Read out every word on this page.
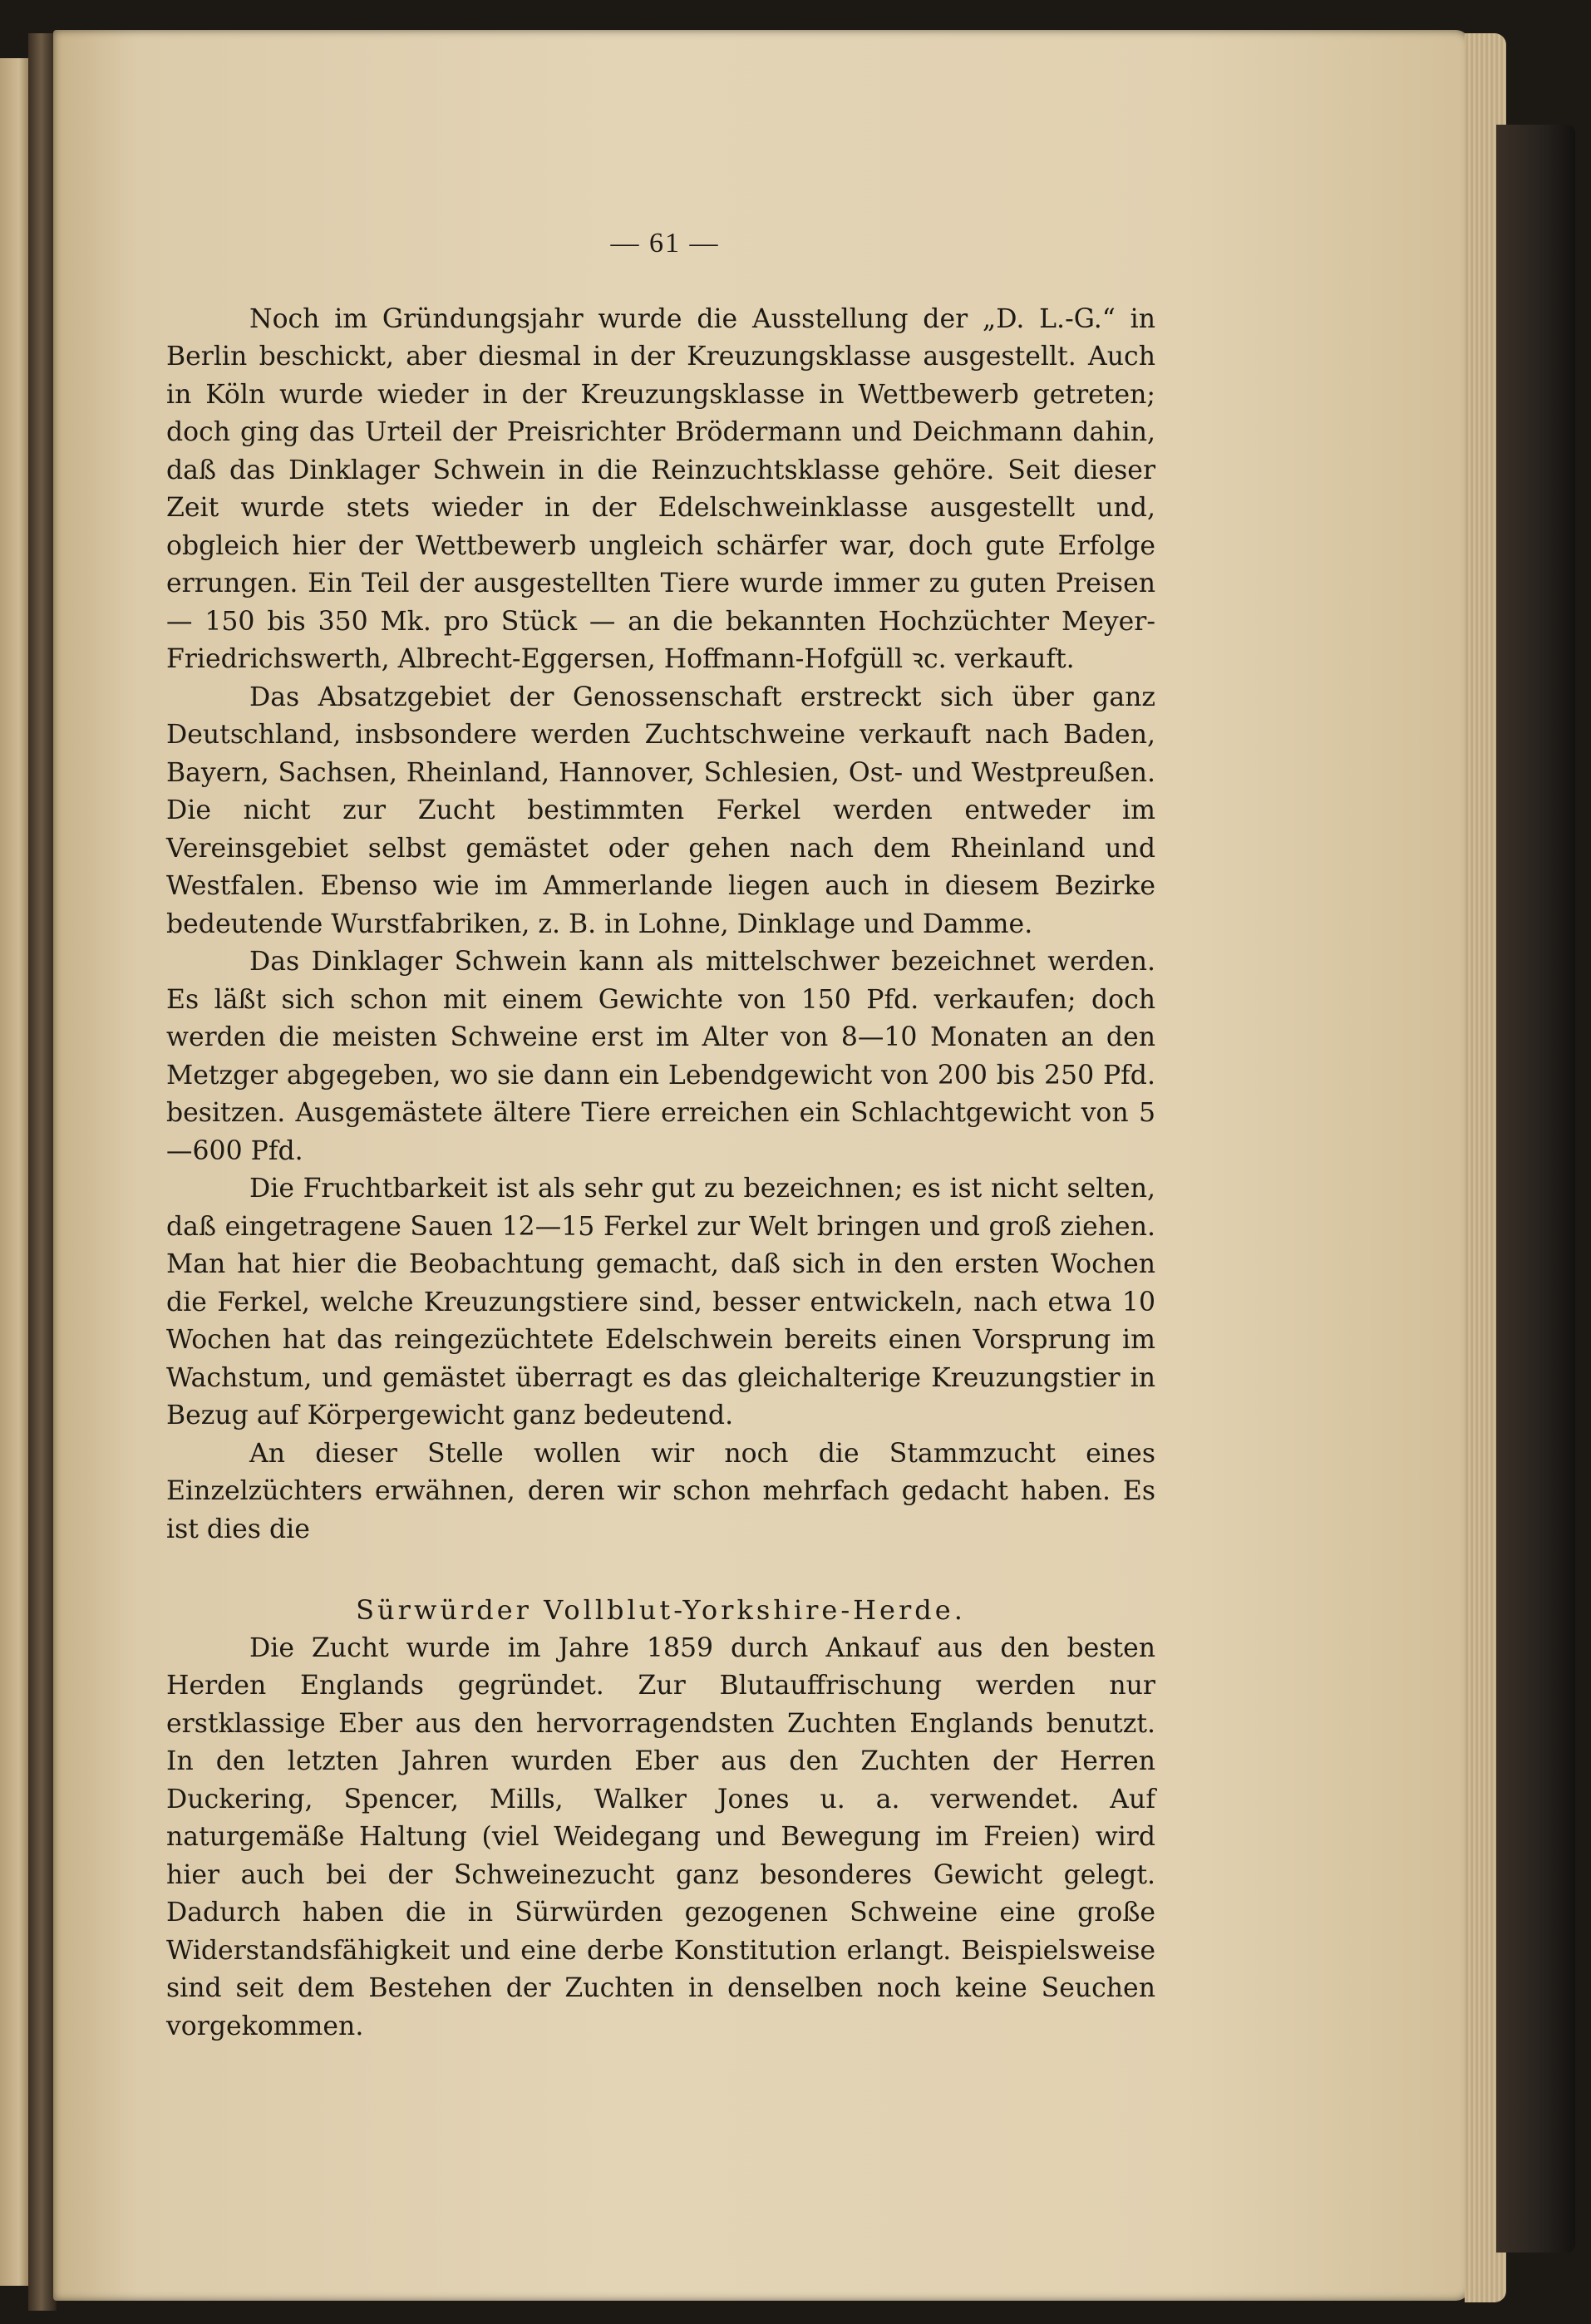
— 61 —

Noch im Gründungsjahr wurde die Ausstellung der „D. L.-G.“ in Berlin beschickt, aber diesmal in der Kreuzungsklasse ausgestellt. Auch in Köln wurde wieder in der Kreuzungsklasse in Wettbewerb getreten; doch ging das Urteil der Preisrichter Brödermann und Deichmann dahin, daß das Dinklager Schwein in die Reinzuchtsklasse gehöre. Seit dieser Zeit wurde stets wieder in der Edelschweinklasse ausgestellt und, obgleich hier der Wettbewerb ungleich schärfer war, doch gute Erfolge errungen. Ein Teil der ausgestellten Tiere wurde immer zu guten Preisen — 150 bis 350 Mk. pro Stück — an die bekannten Hochzüchter Meyer-Friedrichswerth, Albrecht-Eggersen, Hoffmann-Hofgüll ꝛc. verkauft.

Das Absatzgebiet der Genossenschaft erstreckt sich über ganz Deutschland, insbsondere werden Zuchtschweine verkauft nach Baden, Bayern, Sachsen, Rheinland, Hannover, Schlesien, Ost- und Westpreußen. Die nicht zur Zucht bestimmten Ferkel werden entweder im Vereinsgebiet selbst gemästet oder gehen nach dem Rheinland und Westfalen. Ebenso wie im Ammerlande liegen auch in diesem Bezirke bedeutende Wurstfabriken, z. B. in Lohne, Dinklage und Damme.

Das Dinklager Schwein kann als mittelschwer bezeichnet werden. Es läßt sich schon mit einem Gewichte von 150 Pfd. verkaufen; doch werden die meisten Schweine erst im Alter von 8—10 Monaten an den Metzger abgegeben, wo sie dann ein Lebendgewicht von 200 bis 250 Pfd. besitzen. Ausgemästete ältere Tiere erreichen ein Schlachtgewicht von 5—600 Pfd.

Die Fruchtbarkeit ist als sehr gut zu bezeichnen; es ist nicht selten, daß eingetragene Sauen 12—15 Ferkel zur Welt bringen und groß ziehen. Man hat hier die Beobachtung gemacht, daß sich in den ersten Wochen die Ferkel, welche Kreuzungstiere sind, besser entwickeln, nach etwa 10 Wochen hat das reingezüchtete Edelschwein bereits einen Vorsprung im Wachstum, und gemästet überragt es das gleichalterige Kreuzungstier in Bezug auf Körpergewicht ganz bedeutend.

An dieser Stelle wollen wir noch die Stammzucht eines Einzelzüchters erwähnen, deren wir schon mehrfach gedacht haben. Es ist dies die

Sürwürder Vollblut-Yorkshire-Herde.

Die Zucht wurde im Jahre 1859 durch Ankauf aus den besten Herden Englands gegründet. Zur Blutauffrischung werden nur erstklassige Eber aus den hervorragendsten Zuchten Englands benutzt. In den letzten Jahren wurden Eber aus den Zuchten der Herren Duckering, Spencer, Mills, Walker Jones u. a. verwendet. Auf naturgemäße Haltung (viel Weidegang und Bewegung im Freien) wird hier auch bei der Schweinezucht ganz besonderes Gewicht gelegt. Dadurch haben die in Sürwürden gezogenen Schweine eine große Widerstandsfähigkeit und eine derbe Konstitution erlangt. Beispielsweise sind seit dem Bestehen der Zuchten in denselben noch keine Seuchen vorgekommen.
